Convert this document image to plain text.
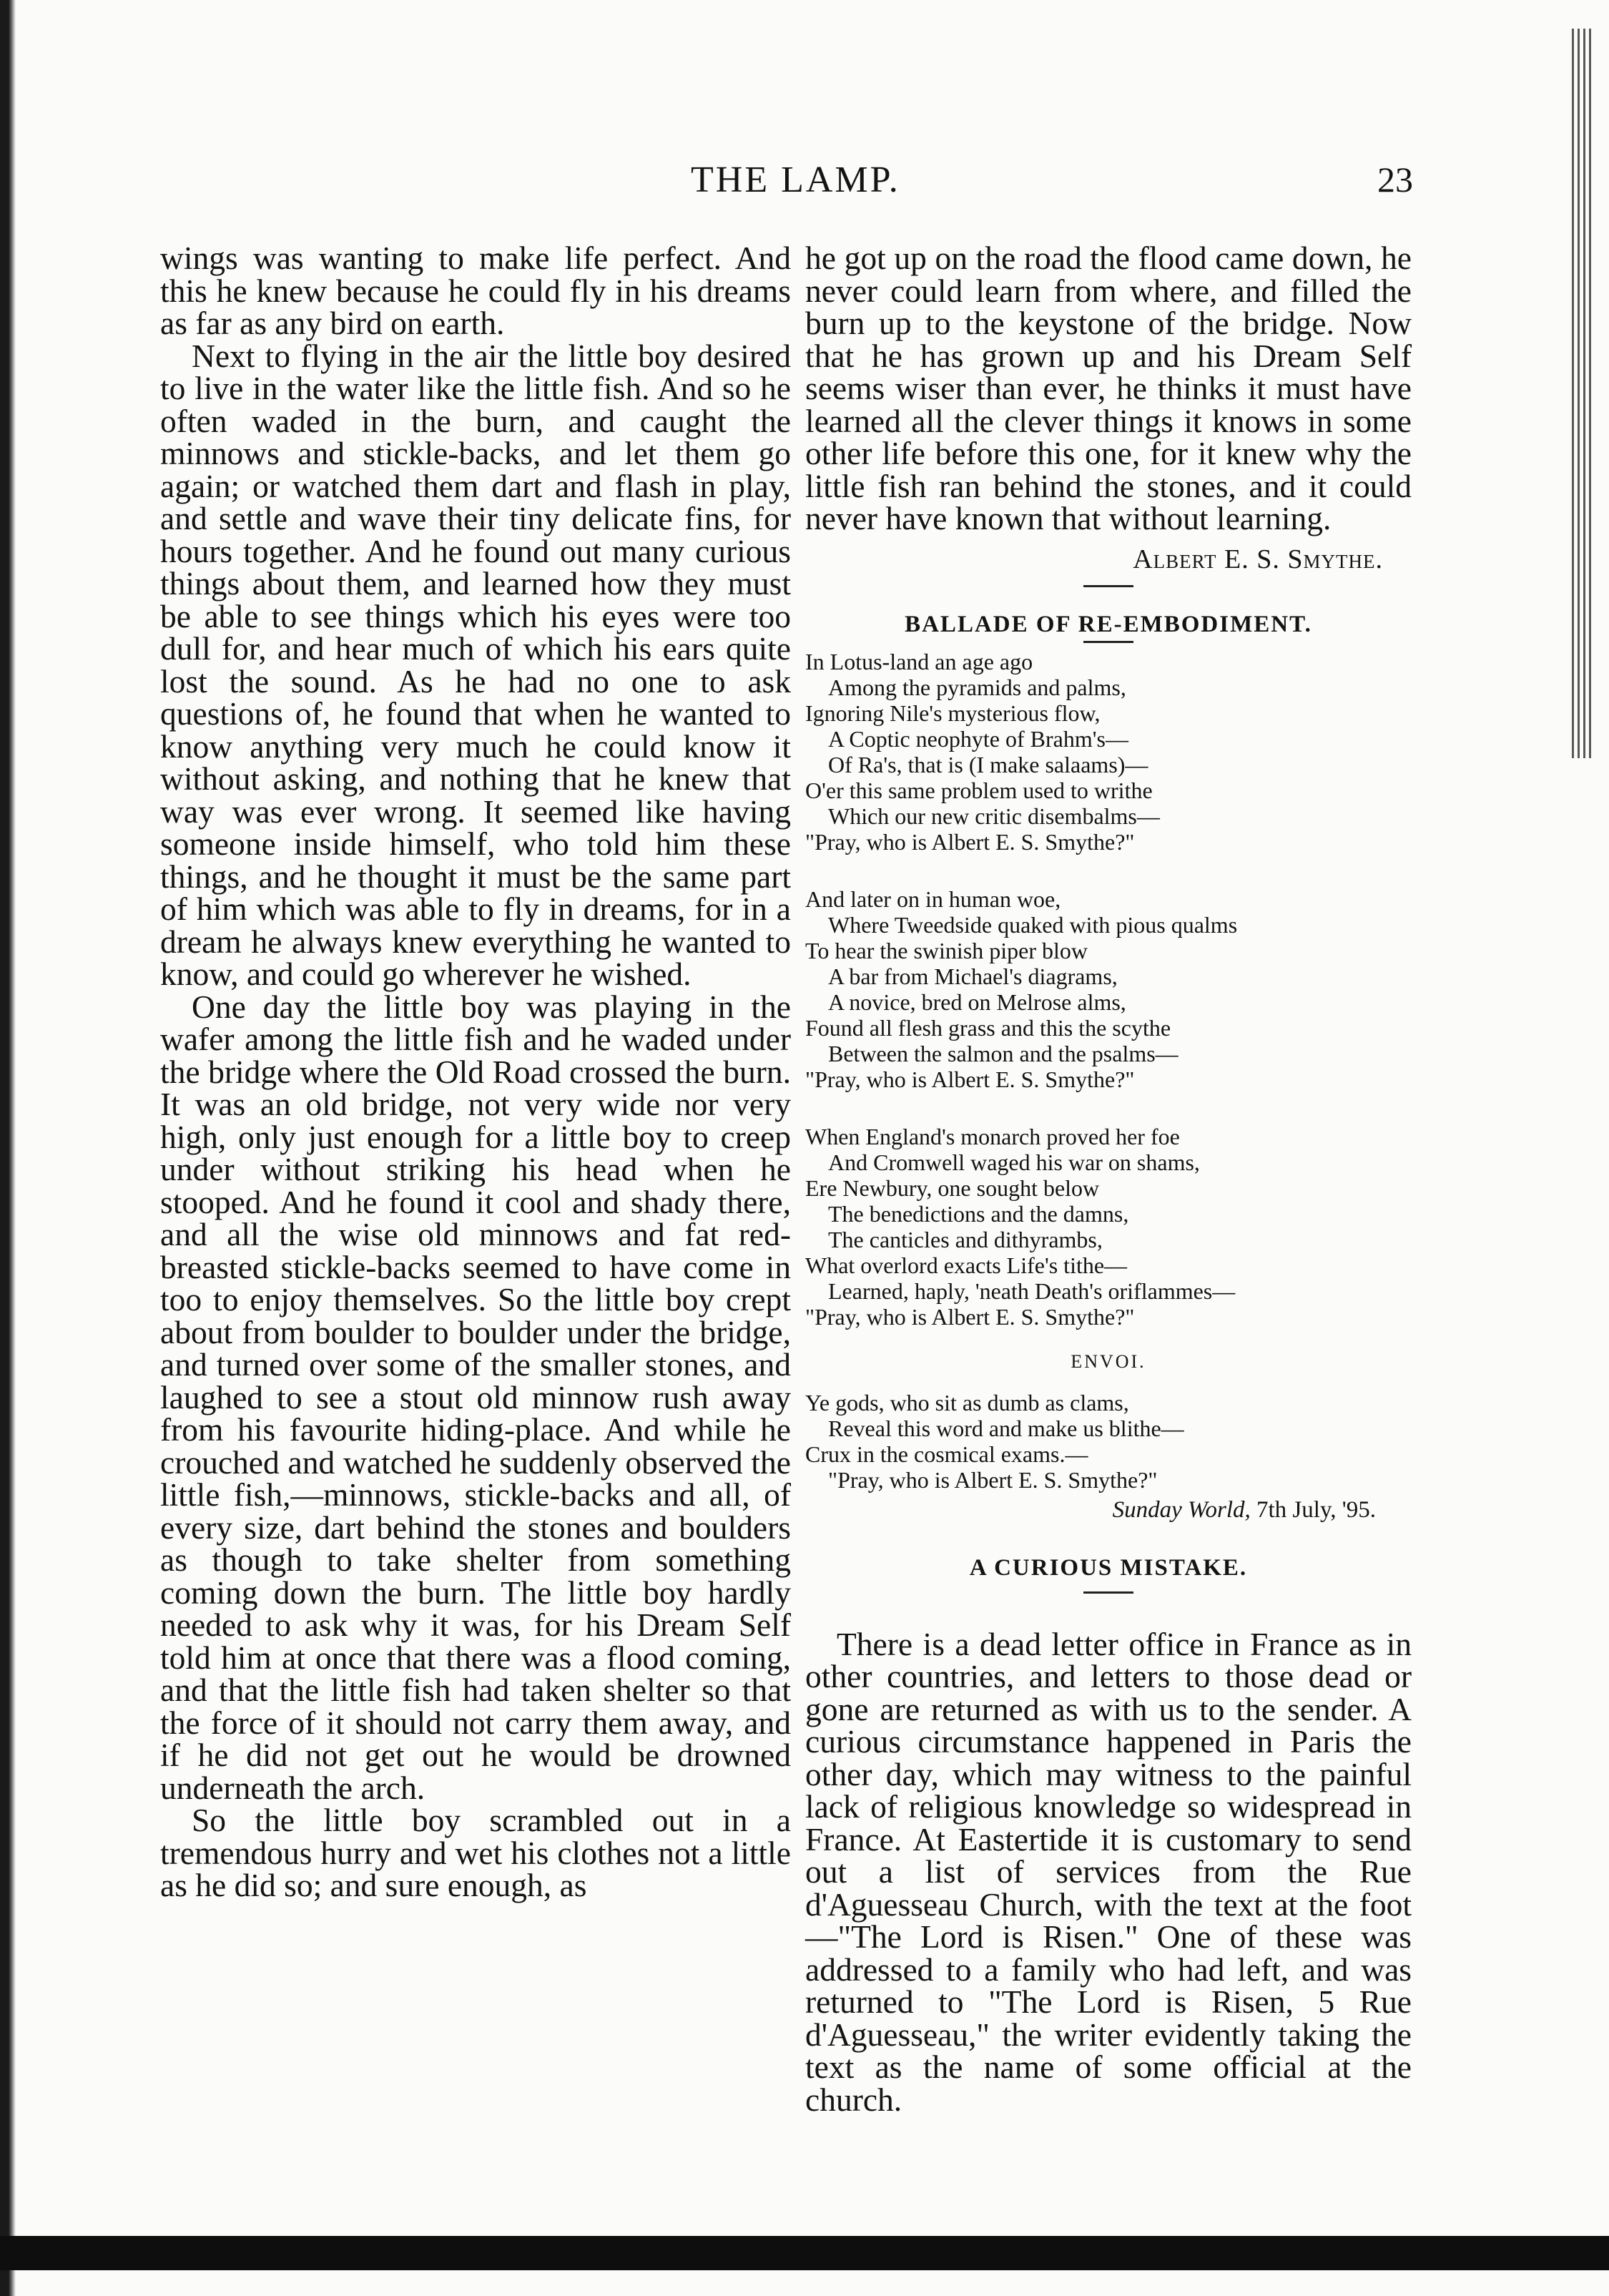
THE LAMP.	23

wings was wanting to make life perfect. And this he knew because he could fly in his dreams as far as any bird on earth.

Next to flying in the air the little boy desired to live in the water like the little fish. And so he often waded in the burn, and caught the minnows and stickle-backs, and let them go again; or watched them dart and flash in play, and settle and wave their tiny delicate fins, for hours together. And he found out many curious things about them, and learned how they must be able to see things which his eyes were too dull for, and hear much of which his ears quite lost the sound. As he had no one to ask questions of, he found that when he wanted to know anything very much he could know it without asking, and nothing that he knew that way was ever wrong. It seemed like having someone inside himself, who told him these things, and he thought it must be the same part of him which was able to fly in dreams, for in a dream he always knew everything he wanted to know, and could go wherever he wished.

One day the little boy was playing in the wafer among the little fish and he waded under the bridge where the Old Road crossed the burn. It was an old bridge, not very wide nor very high, only just enough for a little boy to creep under without striking his head when he stooped. And he found it cool and shady there, and all the wise old minnows and fat red-breasted stickle-backs seemed to have come in too to enjoy themselves. So the little boy crept about from boulder to boulder under the bridge, and turned over some of the smaller stones, and laughed to see a stout old minnow rush away from his favourite hiding-place. And while he crouched and watched he suddenly observed the little fish,—minnows, stickle-backs and all, of every size, dart behind the stones and boulders as though to take shelter from something coming down the burn. The little boy hardly needed to ask why it was, for his Dream Self told him at once that there was a flood coming, and that the little fish had taken shelter so that the force of it should not carry them away, and if he did not get out he would be drowned underneath the arch.

So the little boy scrambled out in a tremendous hurry and wet his clothes not a little as he did so; and sure enough, as

he got up on the road the flood came down, he never could learn from where, and filled the burn up to the keystone of the bridge. Now that he has grown up and his Dream Self seems wiser than ever, he thinks it must have learned all the clever things it knows in some other life before this one, for it knew why the little fish ran behind the stones, and it could never have known that without learning.

Albert E. S. Smythe.

BALLADE OF RE-EMBODIMENT.
In Lotus-land an age ago
Among the pyramids and palms,
Ignoring Nile's mysterious flow,
A Coptic neophyte of Brahm's—
Of Ra's, that is (I make salaams)—
O'er this same problem used to writhe
Which our new critic disembalms—
"Pray, who is Albert E. S. Smythe?"
And later on in human woe,
Where Tweedside quaked with pious qualms
To hear the swinish piper blow
A bar from Michael's diagrams,
A novice, bred on Melrose alms,
Found all flesh grass and this the scythe
Between the salmon and the psalms—
"Pray, who is Albert E. S. Smythe?"
When England's monarch proved her foe
And Cromwell waged his war on shams,
Ere Newbury, one sought below
The benedictions and the damns,
The canticles and dithyrambs,
What overlord exacts Life's tithe—
Learned, haply, 'neath Death's oriflammes—
"Pray, who is Albert E. S. Smythe?"
ENVOI.
Ye gods, who sit as dumb as clams,
Reveal this word and make us blithe—
Crux in the cosmical exams.—
"Pray, who is Albert E. S. Smythe?"
Sunday World, 7th July, '95.
A CURIOUS MISTAKE.

There is a dead letter office in France as in other countries, and letters to those dead or gone are returned as with us to the sender. A curious circumstance happened in Paris the other day, which may witness to the painful lack of religious knowledge so widespread in France. At Eastertide it is customary to send out a list of services from the Rue d'Aguesseau Church, with the text at the foot—"The Lord is Risen." One of these was addressed to a family who had left, and was returned to "The Lord is Risen, 5 Rue d'Aguesseau," the writer evidently taking the text as the name of some official at the church.
